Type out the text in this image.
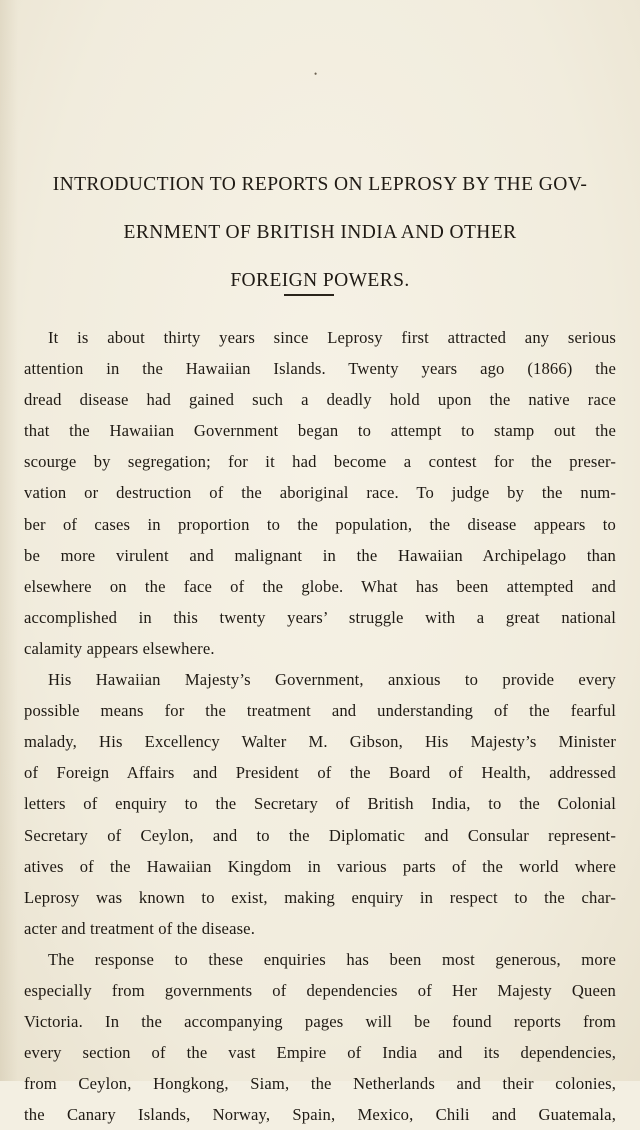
•
INTRODUCTION TO REPORTS ON LEPROSY BY THE GOV-
ERNMENT OF BRITISH INDIA AND OTHER
FOREIGN POWERS.

It is about thirty years since Leprosy first attracted any serious
attention in the Hawaiian Islands. Twenty years ago (1866) the
dread disease had gained such a deadly hold upon the native race
that the Hawaiian Government began to attempt to stamp out the
scourge by segregation; for it had become a contest for the preser-
vation or destruction of the aboriginal race. To judge by the num-
ber of cases in proportion to the population, the disease appears to
be more virulent and malignant in the Hawaiian Archipelago than
elsewhere on the face of the globe. What has been attempted and
accomplished in this twenty years’ struggle with a great national
calamity appears elsewhere.

His Hawaiian Majesty’s Government, anxious to provide every
possible means for the treatment and understanding of the fearful
malady, His Excellency Walter M. Gibson, His Majesty’s Minister
of Foreign Affairs and President of the Board of Health, addressed
letters of enquiry to the Secretary of British India, to the Colonial
Secretary of Ceylon, and to the Diplomatic and Consular represent-
atives of the Hawaiian Kingdom in various parts of the world where
Leprosy was known to exist, making enquiry in respect to the char-
acter and treatment of the disease.

The response to these enquiries has been most generous, more
especially from governments of dependencies of Her Majesty Queen
Victoria. In the accompanying pages will be found reports from
every section of the vast Empire of India and its dependencies,
from Ceylon, Hongkong, Siam, the Netherlands and their colonies,
the Canary Islands, Norway, Spain, Mexico, Chili and Guatemala,
